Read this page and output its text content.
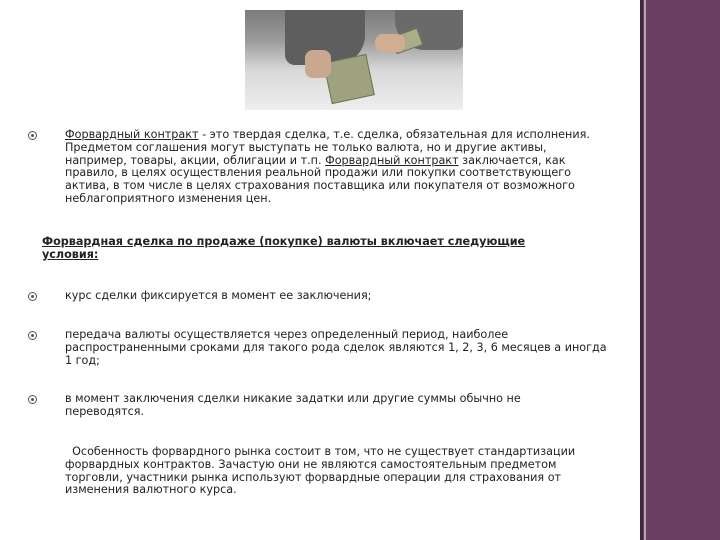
Форвардный контракт - это твердая сделка, т.е. сделка, обязательная для исполнения. Предметом соглашения могут выступать не только валюта, но и другие активы, например, товары, акции, облигации и т.п. Форвардный контракт заключается, как правило, в целях осуществления реальной продажи или покупки соответствующего актива, в том числе в целях страхования поставщика или покупателя от возможного неблагоприятного изменения цен.
Форвардная сделка по продаже (покупке) валюты включает следующие условия:
курс сделки фиксируется в момент ее заключения;
передача валюты осуществляется через определенный период, наиболее распространенными сроками для такого рода сделок являются 1, 2, 3, 6 месяцев а иногда 1 год;
в момент заключения сделки никакие задатки или другие суммы обычно не переводятся.
Особенность форвардного рынка состоит в том, что не существует стандартизации форвардных контрактов. Зачастую они не являются самостоятельным предметом торговли, участники рынка используют форвардные операции для страхования от изменения валютного курса.
